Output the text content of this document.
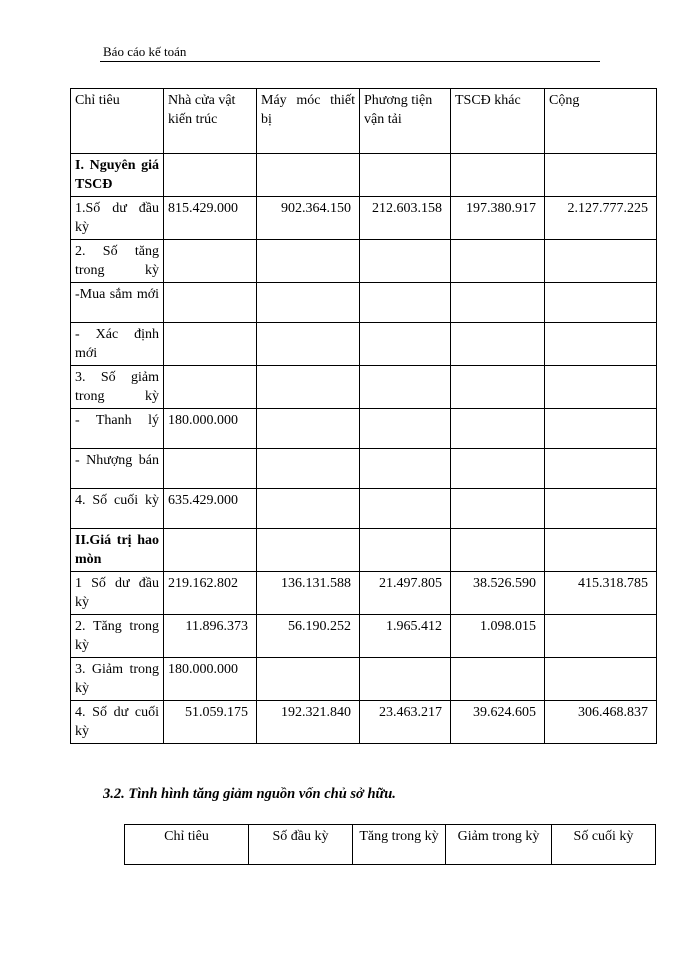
Báo cáo kế toán
Chỉ tiêu	Nhà cửa vật kiến trúc	Máy móc thiết bị	Phương tiện vận tải	TSCĐ khác	Cộng
I. Nguyên giá TSCĐ					
1.Số dư đầu kỳ	815.429.000	902.364.150	212.603.158	197.380.917	2.127.777.225
2. Số tăng trong kỳ					
-Mua sắm mới					
- Xác định mới					
3. Số giảm trong kỳ					
- Thanh lý	180.000.000				
- Nhượng bán					
4. Số cuối kỳ	635.429.000				
II.Giá trị hao mòn					
1 Số dư đầu kỳ	219.162.802	136.131.588	21.497.805	38.526.590	415.318.785
2. Tăng trong kỳ	11.896.373	56.190.252	1.965.412	1.098.015	
3. Giảm trong kỳ	180.000.000				
4. Số dư cuối kỳ	51.059.175	192.321.840	23.463.217	39.624.605	306.468.837
3.2. Tình hình tăng giảm nguồn vốn chủ sở hữu.
Chỉ tiêu	Số đầu kỳ	Tăng trong kỳ	Giảm trong kỳ	Số cuối kỳ
